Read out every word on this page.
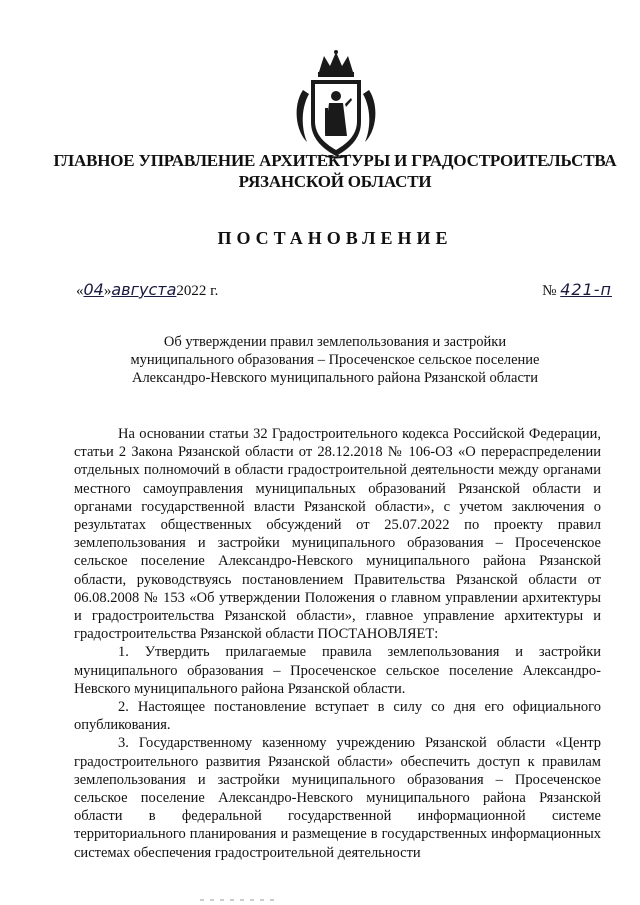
ГЛАВНОЕ УПРАВЛЕНИЕ АРХИТЕКТУРЫ И ГРАДОСТРОИТЕЛЬСТВА
РЯЗАНСКОЙ ОБЛАСТИ
ПОСТАНОВЛЕНИЕ
«04»августа2022 г.	№ 421-п
Об утверждении правил землепользования и застройки
муниципального образования – Просеченское сельское поселение
Александро-Невского муниципального района Рязанской области

На основании статьи 32 Градостроительного кодекса Российской Федерации, статьи 2 Закона Рязанской области от 28.12.2018 № 106-ОЗ «О перераспределении отдельных полномочий в области градостроительной деятельности между органами местного самоуправления муниципальных образований Рязанской области и органами государственной власти Рязанской области», с учетом заключения о результатах общественных обсуждений от 25.07.2022 по проекту правил землепользования и застройки муниципального образования – Просеченское сельское поселение Александро-Невского муниципального района Рязанской области, руководствуясь постановлением Правительства Рязанской области от 06.08.2008 № 153 «Об утверждении Положения о главном управлении архитектуры и градостроительства Рязанской области», главное управление архитектуры и градостроительства Рязанской области ПОСТАНОВЛЯЕТ:

1. Утвердить прилагаемые правила землепользования и застройки муниципального образования – Просеченское сельское поселение Александро-Невского муниципального района Рязанской области.

2. Настоящее постановление вступает в силу со дня его официального опубликования.

3. Государственному казенному учреждению Рязанской области «Центр градостроительного развития Рязанской области» обеспечить доступ к правилам землепользования и застройки муниципального образования – Просеченское сельское поселение Александро-Невского муниципального района Рязанской области в федеральной государственной информационной системе территориального планирования и размещение в государственных информационных системах обеспечения градостроительной деятельности
